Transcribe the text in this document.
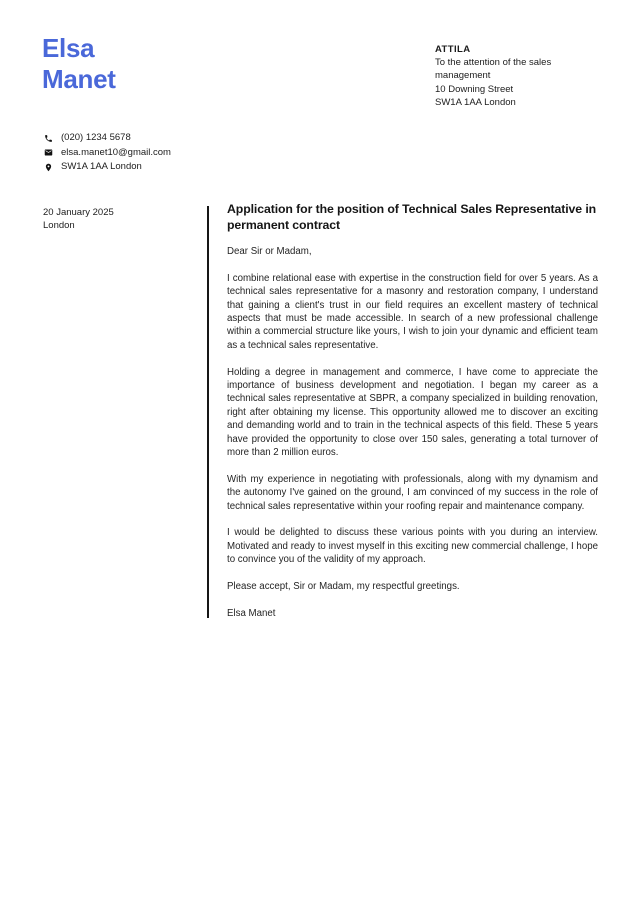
Elsa
Manet
ATTILA
To the attention of the sales management
10 Downing Street
SW1A 1AA London
(020) 1234 5678
elsa.manet10@gmail.com
SW1A 1AA London
20 January 2025
London
Application for the position of Technical Sales Representative in permanent contract

Dear Sir or Madam,

I combine relational ease with expertise in the construction field for over 5 years. As a technical sales representative for a masonry and restoration company, I understand that gaining a client's trust in our field requires an excellent mastery of technical aspects that must be made accessible. In search of a new professional challenge within a commercial structure like yours, I wish to join your dynamic and efficient team as a technical sales representative.

Holding a degree in management and commerce, I have come to appreciate the importance of business development and negotiation. I began my career as a technical sales representative at SBPR, a company specialized in building renovation, right after obtaining my license. This opportunity allowed me to discover an exciting and demanding world and to train in the technical aspects of this field. These 5 years have provided the opportunity to close over 150 sales, generating a total turnover of more than 2 million euros.

With my experience in negotiating with professionals, along with my dynamism and the autonomy I've gained on the ground, I am convinced of my success in the role of technical sales representative within your roofing repair and maintenance company.

I would be delighted to discuss these various points with you during an interview. Motivated and ready to invest myself in this exciting new commercial challenge, I hope to convince you of the validity of my approach.

Please accept, Sir or Madam, my respectful greetings.

Elsa Manet
